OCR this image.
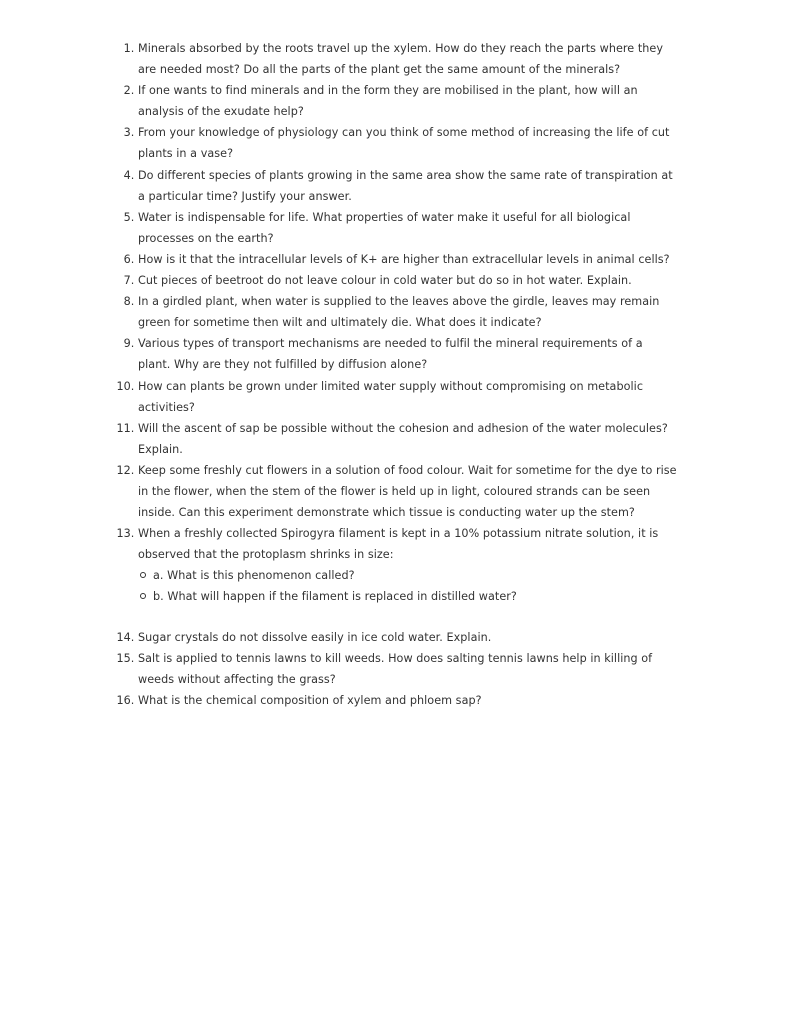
1. Minerals absorbed by the roots travel up the xylem. How do they reach the parts where they are needed most? Do all the parts of the plant get the same amount of the minerals?
2. If one wants to find minerals and in the form they are mobilised in the plant, how will an analysis of the exudate help?
3. From your knowledge of physiology can you think of some method of increasing the life of cut plants in a vase?
4. Do different species of plants growing in the same area show the same rate of transpiration at a particular time? Justify your answer.
5. Water is indispensable for life. What properties of water make it useful for all biological processes on the earth?
6. How is it that the intracellular levels of K+ are higher than extracellular levels in animal cells?
7. Cut pieces of beetroot do not leave colour in cold water but do so in hot water. Explain.
8. In a girdled plant, when water is supplied to the leaves above the girdle, leaves may remain green for sometime then wilt and ultimately die. What does it indicate?
9. Various types of transport mechanisms are needed to fulfil the mineral requirements of a plant. Why are they not fulfilled by diffusion alone?
10. How can plants be grown under limited water supply without compromising on metabolic activities?
11. Will the ascent of sap be possible without the cohesion and adhesion of the water molecules? Explain.
12. Keep some freshly cut flowers in a solution of food colour. Wait for sometime for the dye to rise in the flower, when the stem of the flower is held up in light, coloured strands can be seen inside. Can this experiment demonstrate which tissue is conducting water up the stem?
13. When a freshly collected Spirogyra filament is kept in a 10% potassium nitrate solution, it is observed that the protoplasm shrinks in size:
a. What is this phenomenon called?
b. What will happen if the filament is replaced in distilled water?
14. Sugar crystals do not dissolve easily in ice cold water. Explain.
15. Salt is applied to tennis lawns to kill weeds. How does salting tennis lawns help in killing of weeds without affecting the grass?
16. What is the chemical composition of xylem and phloem sap?
